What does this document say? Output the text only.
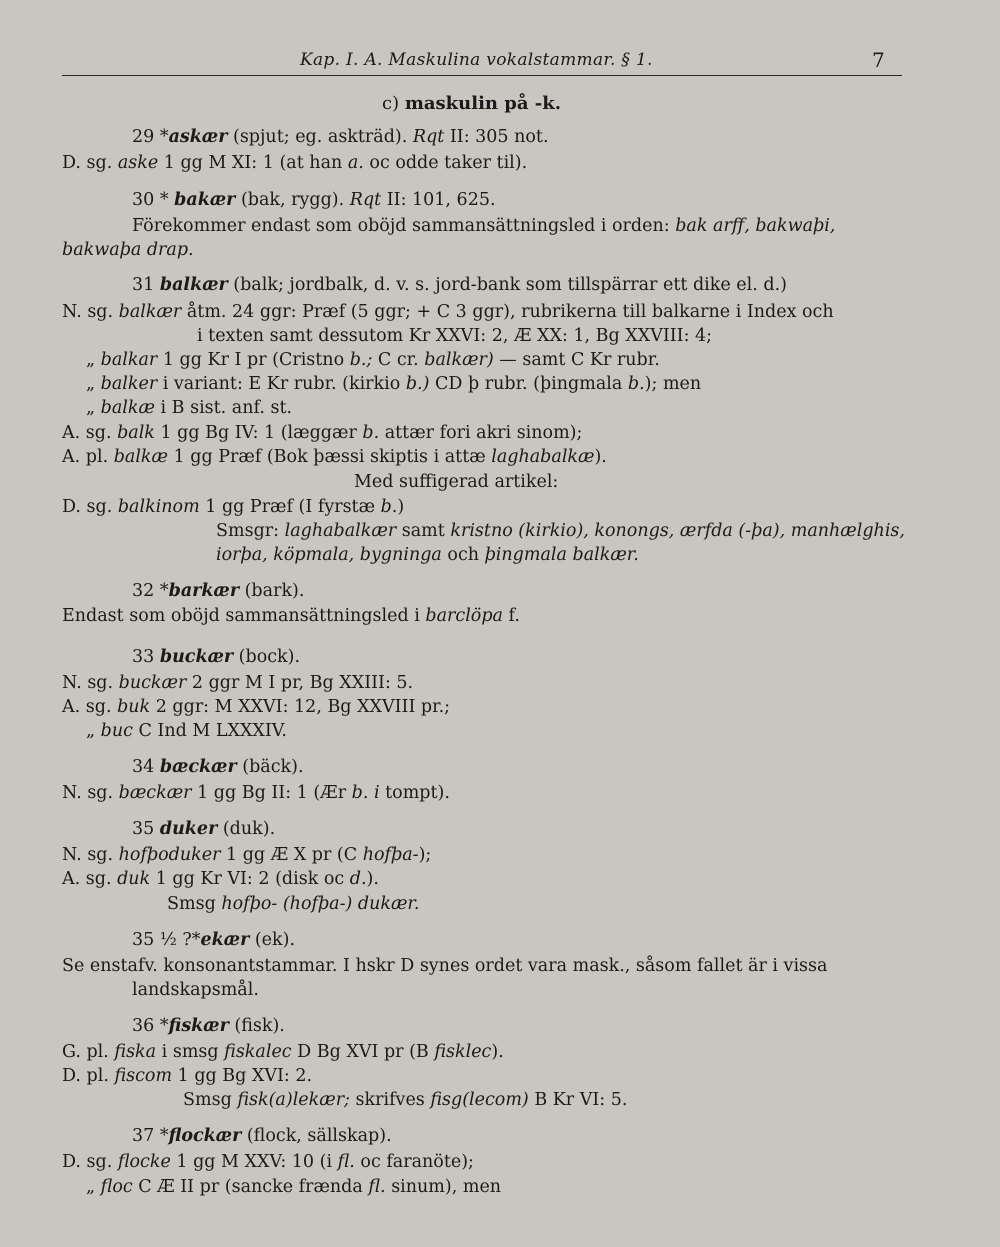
Kap. I. A. Maskulina vokalstammar. § 1.	7
c) maskulin på -k.
29 *askær (spjut; eg. askträd). Rqt II: 305 not.
D. sg. aske 1 gg M XI: 1 (at han a. oc odde taker til).
30 * bakær (bak, rygg). Rqt II: 101, 625.
Förekommer endast som oböjd sammansättningsled i orden: bak arff, bakwaþi,
bakwaþa drap.
31 balkær (balk; jordbalk, d. v. s. jord-bank som tillspärrar ett dike el. d.)
N. sg. balkær åtm. 24 ggr: Præf (5 ggr; + C 3 ggr), rubrikerna till balkarne i Index och
i texten samt dessutom Kr XXVI: 2, Æ XX: 1, Bg XXVIII: 4;
„ balkar 1 gg Kr I pr (Cristno b.; C cr. balkær) — samt C Kr rubr.
„ balker i variant: E Kr rubr. (kirkio b.) CD þ rubr. (þingmala b.); men
„ balkæ i B sist. anf. st.
A. sg. balk 1 gg Bg IV: 1 (læggær b. attær fori akri sinom);
A. pl. balkæ 1 gg Præf (Bok þæssi skiptis i attæ laghabalkæ).
Med suffigerad artikel:
D. sg. balkinom 1 gg Præf (I fyrstæ b.)
Smsgr: laghabalkær samt kristno (kirkio), konongs, ærfda (-þa), manhælghis,
iorþa, köpmala, bygninga och þingmala balkær.
32 *barkær (bark).
Endast som oböjd sammansättningsled i barclöpa f.
33 buckær (bock).
N. sg. buckær 2 ggr M I pr, Bg XXIII: 5.
A. sg. buk 2 ggr: M XXVI: 12, Bg XXVIII pr.;
„ buc C Ind M LXXXIV.
34 bæckær (bäck).
N. sg. bæckær 1 gg Bg II: 1 (Ær b. i tompt).
35 duker (duk).
N. sg. hofþoduker 1 gg Æ X pr (C hofþa-);
A. sg. duk 1 gg Kr VI: 2 (disk oc d.).
Smsg hofþo- (hofþa-) dukær.
35 ½ ?*ekær (ek).
Se enstafv. konsonantstammar. I hskr D synes ordet vara mask., såsom fallet är i vissa
landskapsmål.
36 *fiskær (fisk).
G. pl. fiska i smsg fiskalec D Bg XVI pr (B fisklec).
D. pl. fiscom 1 gg Bg XVI: 2.
Smsg fisk(a)lekær; skrifves fisg(lecom) B Kr VI: 5.
37 *flockær (flock, sällskap).
D. sg. flocke 1 gg M XXV: 10 (i fl. oc faranöte);
„ floc C Æ II pr (sancke frænda fl. sinum), men
